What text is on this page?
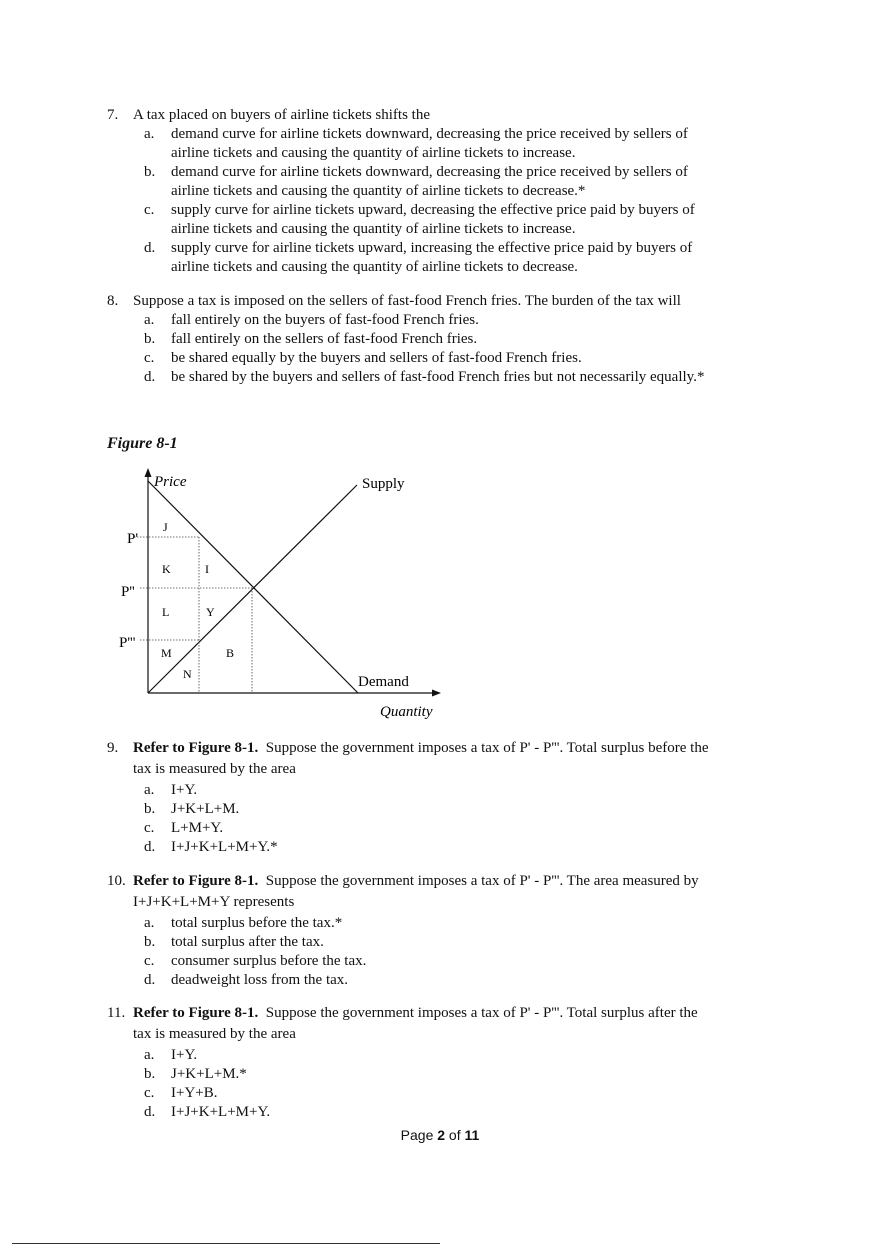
7. A tax placed on buyers of airline tickets shifts the
a.	demand curve for airline tickets downward, decreasing the price received by sellers of
airline tickets and causing the quantity of airline tickets to increase.
b.	demand curve for airline tickets downward, decreasing the price received by sellers of
airline tickets and causing the quantity of airline tickets to decrease.*
c.	supply curve for airline tickets upward, decreasing the effective price paid by buyers of
airline tickets and causing the quantity of airline tickets to increase.
d.	supply curve for airline tickets upward, increasing the effective price paid by buyers of
airline tickets and causing the quantity of airline tickets to decrease.
8. Suppose a tax is imposed on the sellers of fast-food French fries. The burden of the tax will
a.	fall entirely on the buyers of fast-food French fries.
b.	fall entirely on the sellers of fast-food French fries.
c.	be shared equally by the buyers and sellers of fast-food French fries.
d.	be shared by the buyers and sellers of fast-food French fries but not necessarily equally.*
Figure 8-1
Price
Quantity
Supply
Demand
P'
P''
P'''
J
K	I
L	Y
M	B
N
9. Refer to Figure 8-1. Suppose the government imposes a tax of P' - P'''. Total surplus before the
tax is measured by the area
a.	I+Y.
b.	J+K+L+M.
c.	L+M+Y.
d.	I+J+K+L+M+Y.*
10. Refer to Figure 8-1. Suppose the government imposes a tax of P' - P'''. The area measured by
I+J+K+L+M+Y represents
a.	total surplus before the tax.*
b.	total surplus after the tax.
c.	consumer surplus before the tax.
d.	deadweight loss from the tax.
11. Refer to Figure 8-1. Suppose the government imposes a tax of P' - P'''. Total surplus after the
tax is measured by the area
a.	I+Y.
b.	J+K+L+M.*
c.	I+Y+B.
d.	I+J+K+L+M+Y.
Page 2 of 11
